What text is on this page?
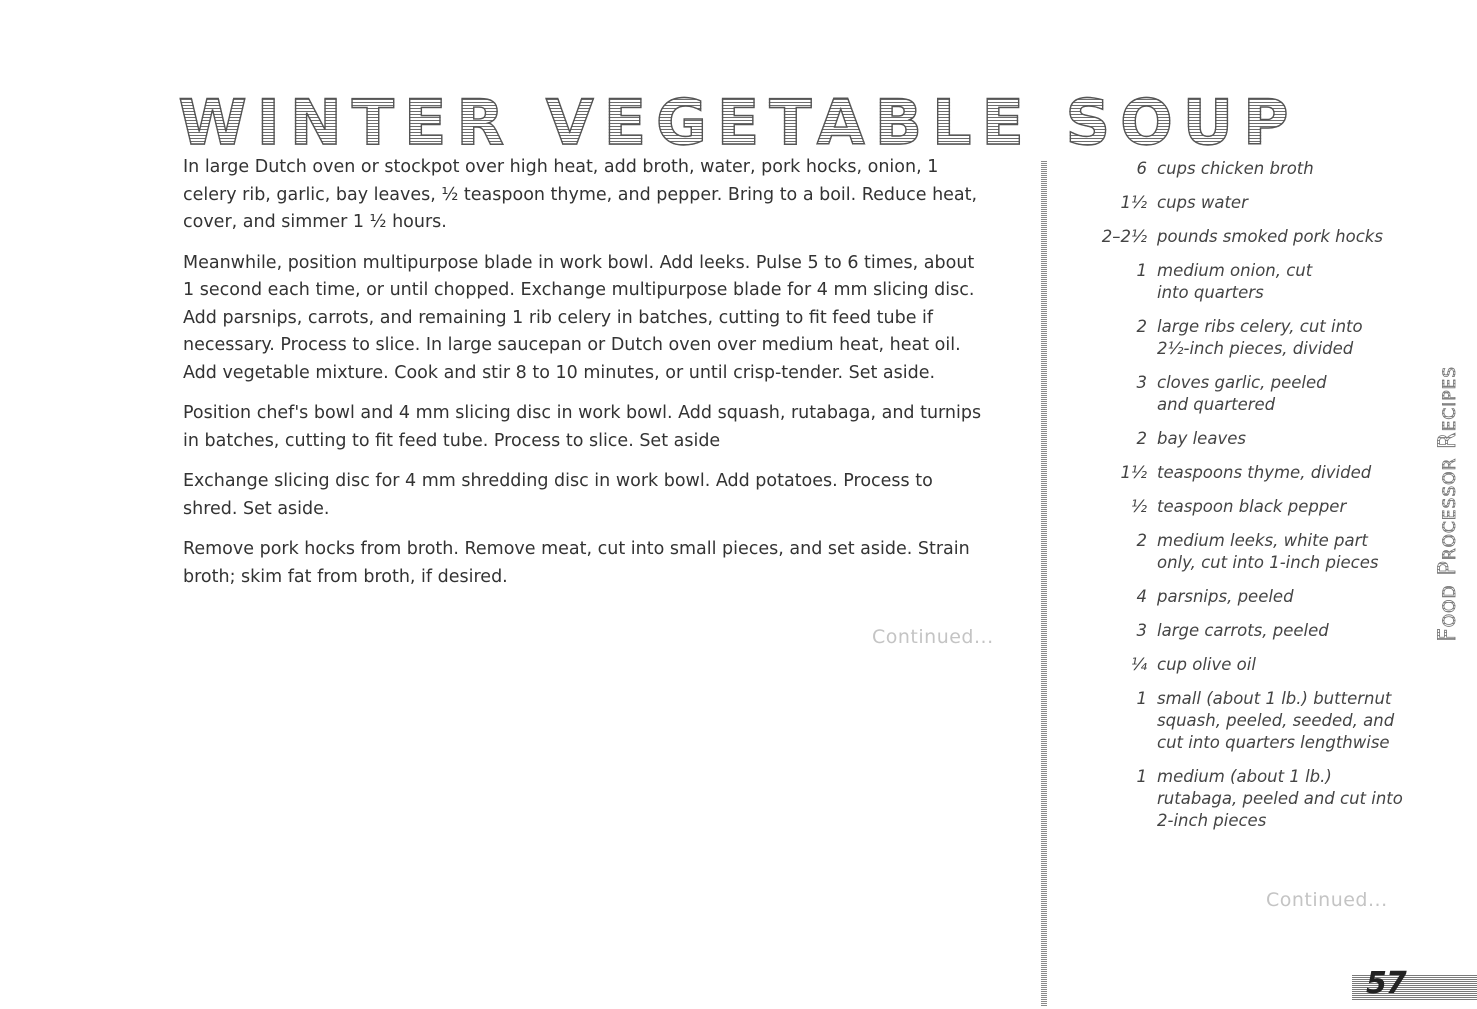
WINTER VEGETABLE SOUP

In large Dutch oven or stockpot over high heat, add broth, water, pork hocks, onion, 1 celery rib, garlic, bay leaves, ½ teaspoon thyme, and pepper. Bring to a boil. Reduce heat, cover, and simmer 1 ½ hours.

Meanwhile, position multipurpose blade in work bowl. Add leeks. Pulse 5 to 6 times, about 1 second each time, or until chopped. Exchange multipurpose blade for 4 mm slicing disc. Add parsnips, carrots, and remaining 1 rib celery in batches, cutting to fit feed tube if necessary. Process to slice. In large saucepan or Dutch oven over medium heat, heat oil. Add vegetable mixture. Cook and stir 8 to 10 minutes, or until crisp-tender. Set aside.

Position chef's bowl and 4 mm slicing disc in work bowl. Add squash, rutabaga, and turnips in batches, cutting to fit feed tube. Process to slice. Set aside

Exchange slicing disc for 4 mm shredding disc in work bowl. Add potatoes. Process to shred. Set aside.

Remove pork hocks from broth. Remove meat, cut into small pieces, and set aside. Strain broth; skim fat from broth, if desired.

Continued...
6 cups chicken broth
1½ cups water
2–2½ pounds smoked pork hocks
1 medium onion, cut
into quarters
2 large ribs celery, cut into
2½-inch pieces, divided
3 cloves garlic, peeled
and quartered
2 bay leaves
1½ teaspoons thyme, divided
½ teaspoon black pepper
2 medium leeks, white part
only, cut into 1-inch pieces
4 parsnips, peeled
3 large carrots, peeled
¼ cup olive oil
1 small (about 1 lb.) butternut
squash, peeled, seeded, and
cut into quarters lengthwise
1 medium (about 1 lb.)
rutabaga, peeled and cut into
2-inch pieces
Continued...
Food Processor Recipes
57
